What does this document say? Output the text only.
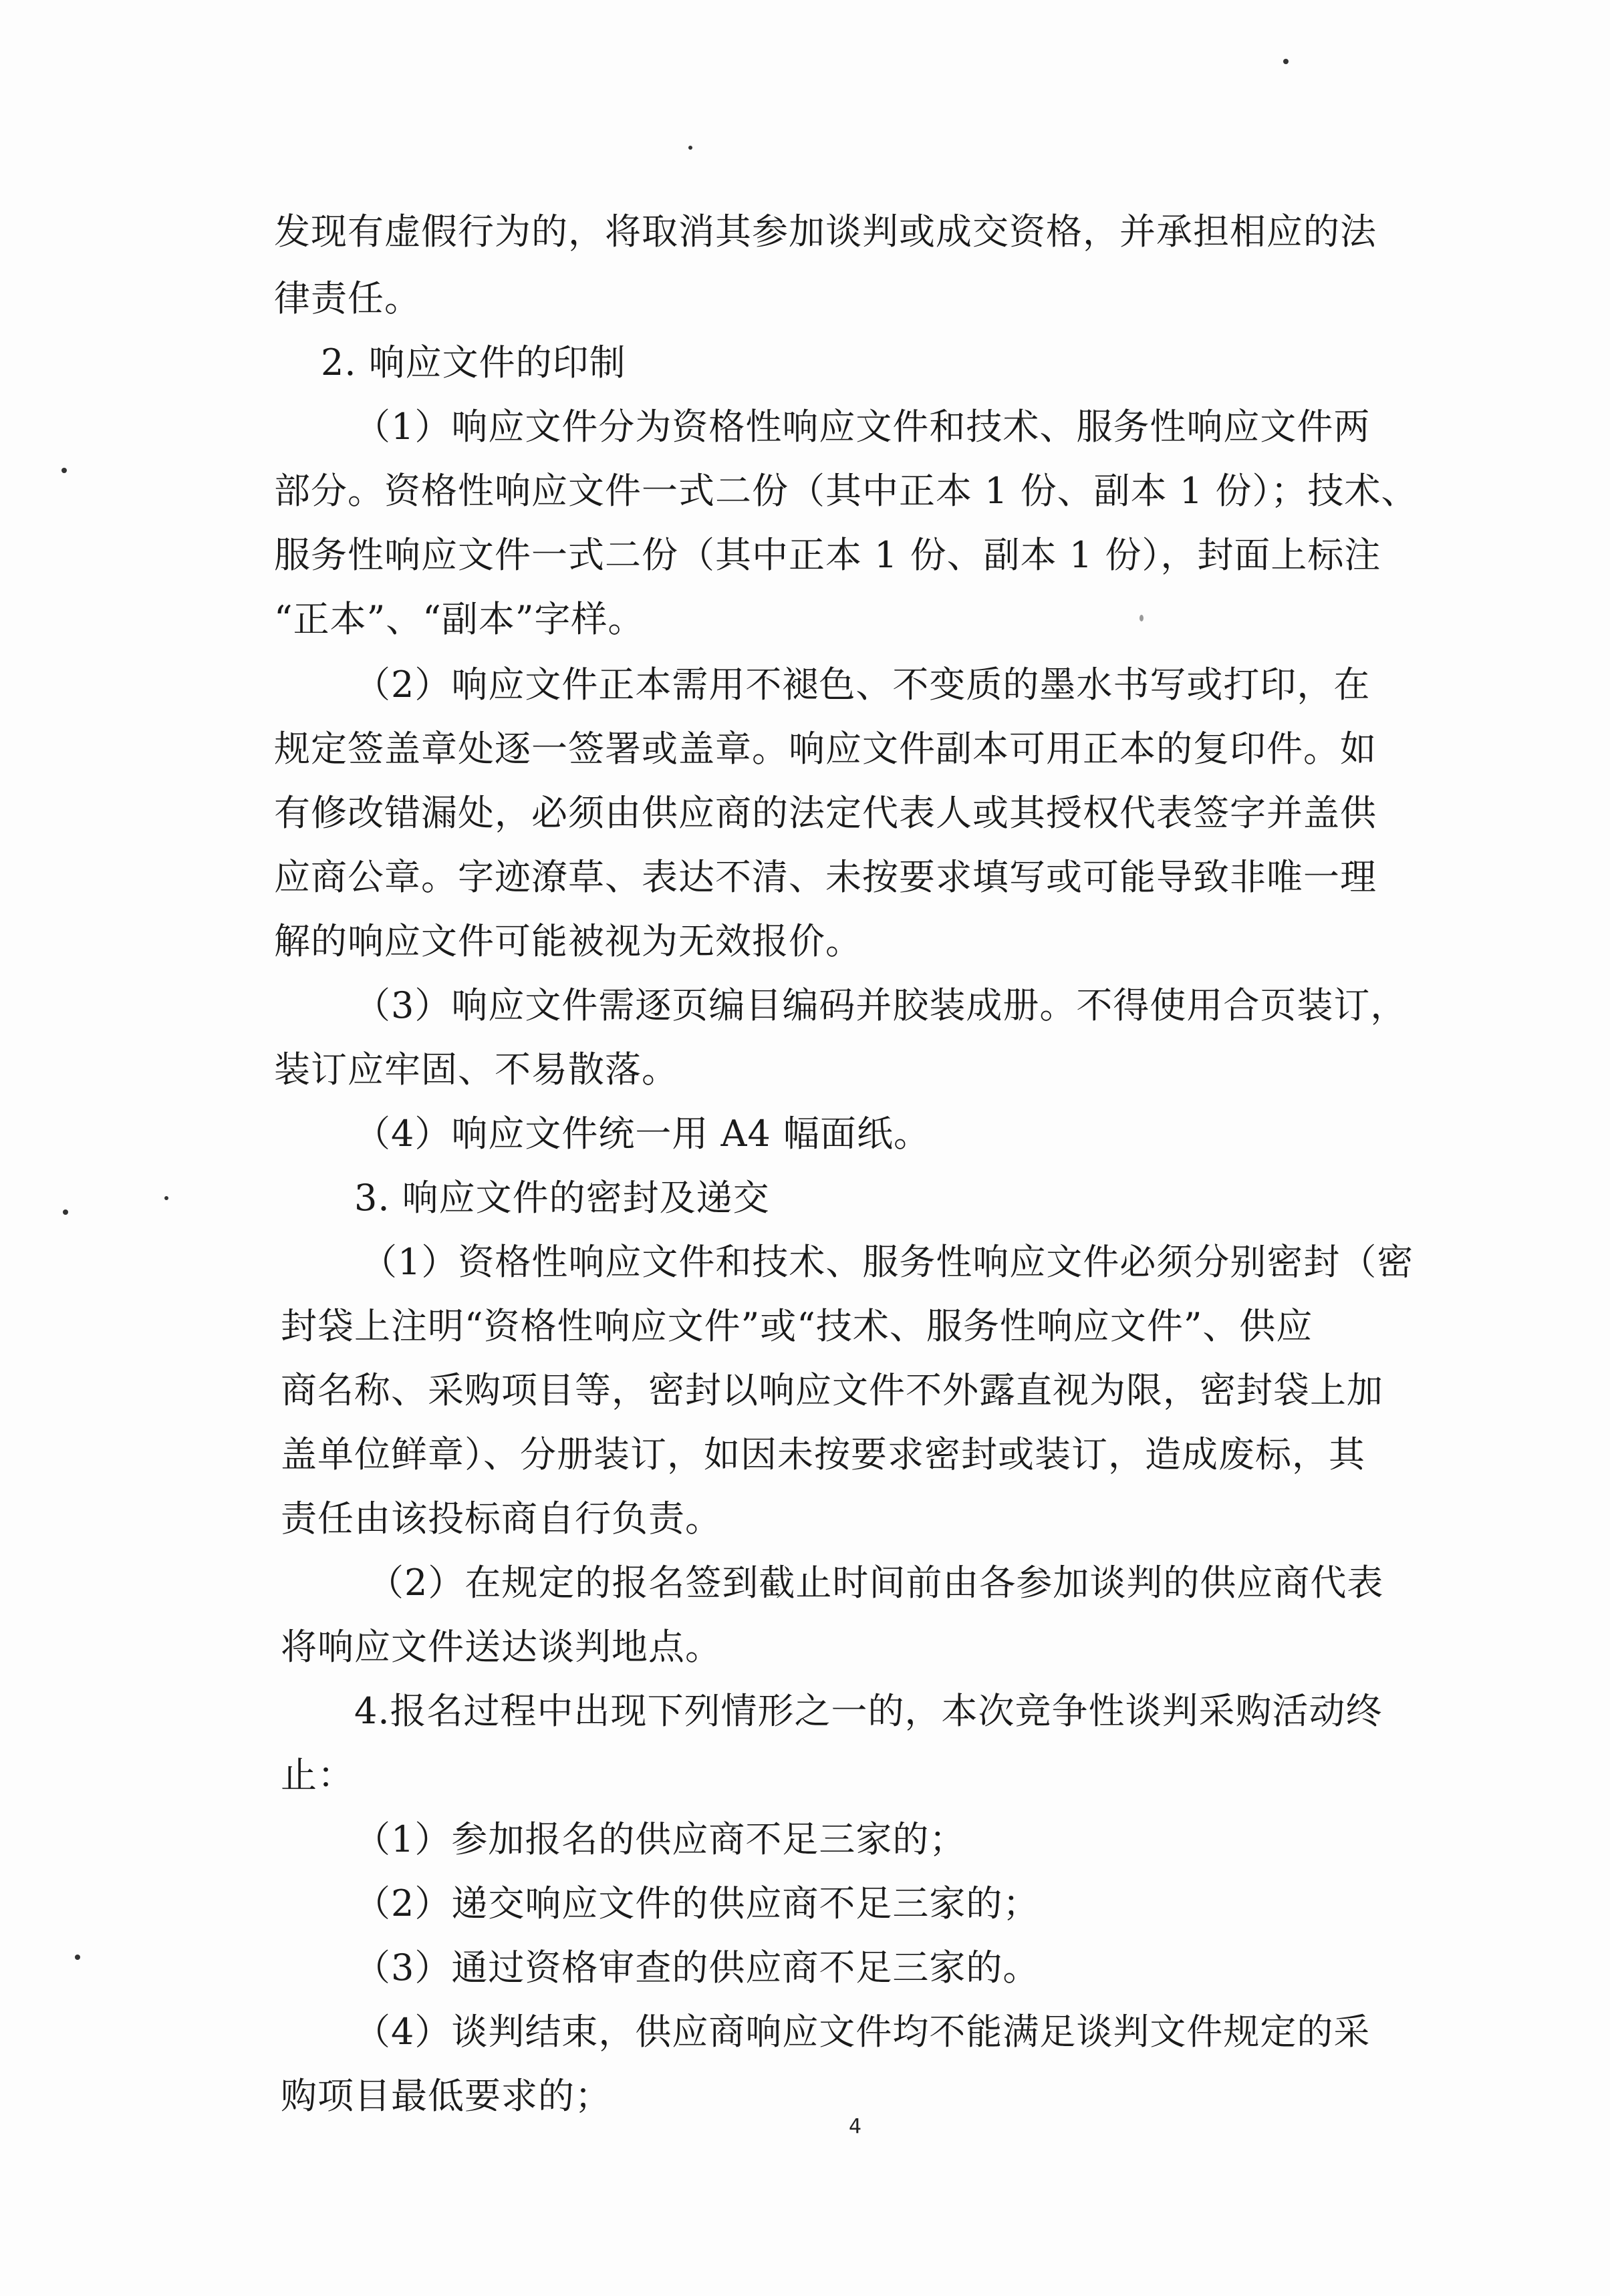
发现有虚假行为的，将取消其参加谈判或成交资格，并承担相应的法
律责任。
2. 响应文件的印制
（1）响应文件分为资格性响应文件和技术、服务性响应文件两
部分。资格性响应文件一式二份（其中正本 1 份、副本 1 份）；技术、
服务性响应文件一式二份（其中正本 1 份、副本 1 份），封面上标注
“正本”、“副本”字样。
（2）响应文件正本需用不褪色、不变质的墨水书写或打印，在
规定签盖章处逐一签署或盖章。响应文件副本可用正本的复印件。如
有修改错漏处，必须由供应商的法定代表人或其授权代表签字并盖供
应商公章。字迹潦草、表达不清、未按要求填写或可能导致非唯一理
解的响应文件可能被视为无效报价。
（3）响应文件需逐页编目编码并胶装成册。不得使用合页装订，
装订应牢固、不易散落。
（4）响应文件统一用 A4 幅面纸。
3. 响应文件的密封及递交
（1）资格性响应文件和技术、服务性响应文件必须分别密封（密
封袋上注明“资格性响应文件”或“技术、服务性响应文件”、供应
商名称、采购项目等，密封以响应文件不外露直视为限，密封袋上加
盖单位鲜章）、分册装订，如因未按要求密封或装订，造成废标，其
责任由该投标商自行负责。
（2）在规定的报名签到截止时间前由各参加谈判的供应商代表
将响应文件送达谈判地点。
4.报名过程中出现下列情形之一的，本次竞争性谈判采购活动终
止：
（1）参加报名的供应商不足三家的；
（2）递交响应文件的供应商不足三家的；
（3）通过资格审查的供应商不足三家的。
（4）谈判结束，供应商响应文件均不能满足谈判文件规定的采
购项目最低要求的；
4
